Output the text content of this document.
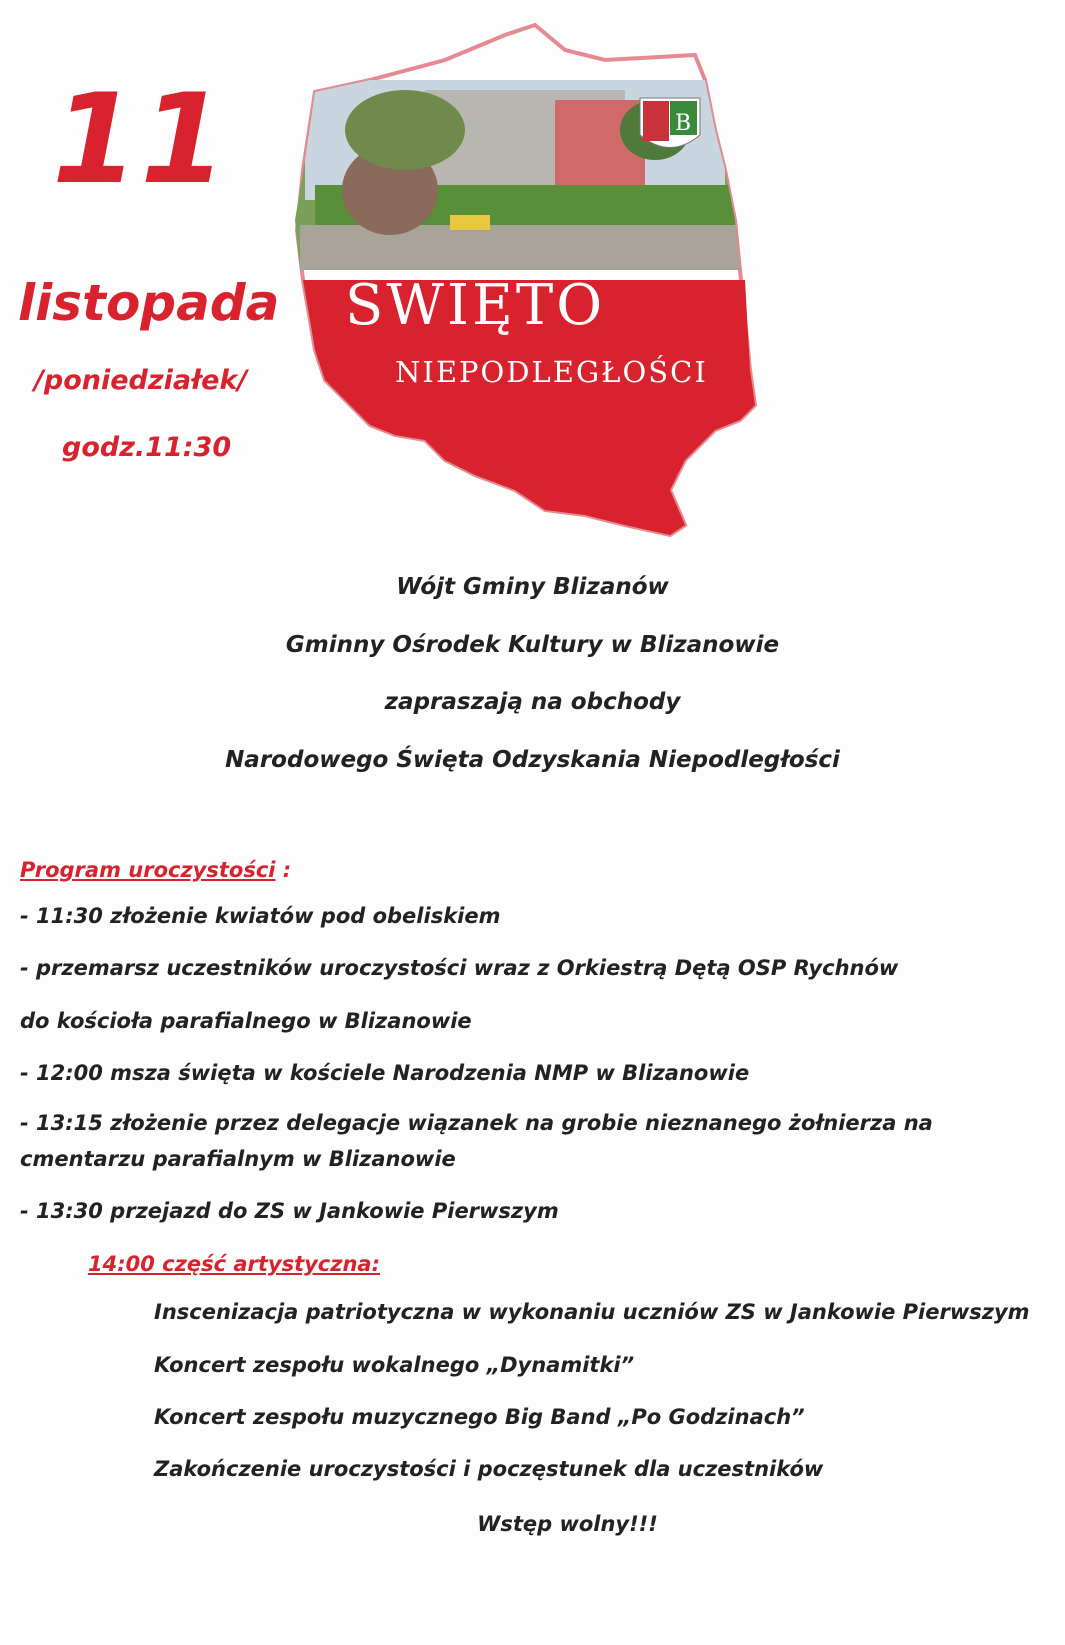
11
listopada
/poniedziałek/
godz.11:30
B
ŚWIĘTO
NIEPODLEGŁOŚCI
Wójt Gminy Blizanów
Gminny Ośrodek Kultury w Blizanowie
zapraszają na obchody
Narodowego Święta Odzyskania Niepodległości
Program uroczystości :
- 11:30 złożenie kwiatów pod obeliskiem
- przemarsz uczestników uroczystości wraz z Orkiestrą Dętą OSP Rychnów
do kościoła parafialnego w Blizanowie
- 12:00 msza święta w kościele Narodzenia NMP w Blizanowie
- 13:15 złożenie przez delegacje wiązanek na grobie nieznanego żołnierza na cmentarzu parafialnym w Blizanowie
- 13:30 przejazd do ZS w Jankowie Pierwszym
14:00 część artystyczna:
Inscenizacja patriotyczna w wykonaniu uczniów ZS w Jankowie Pierwszym
Koncert zespołu wokalnego „Dynamitki”
Koncert zespołu muzycznego Big Band „Po Godzinach”
Zakończenie uroczystości i poczęstunek dla uczestników
Wstęp wolny!!!
